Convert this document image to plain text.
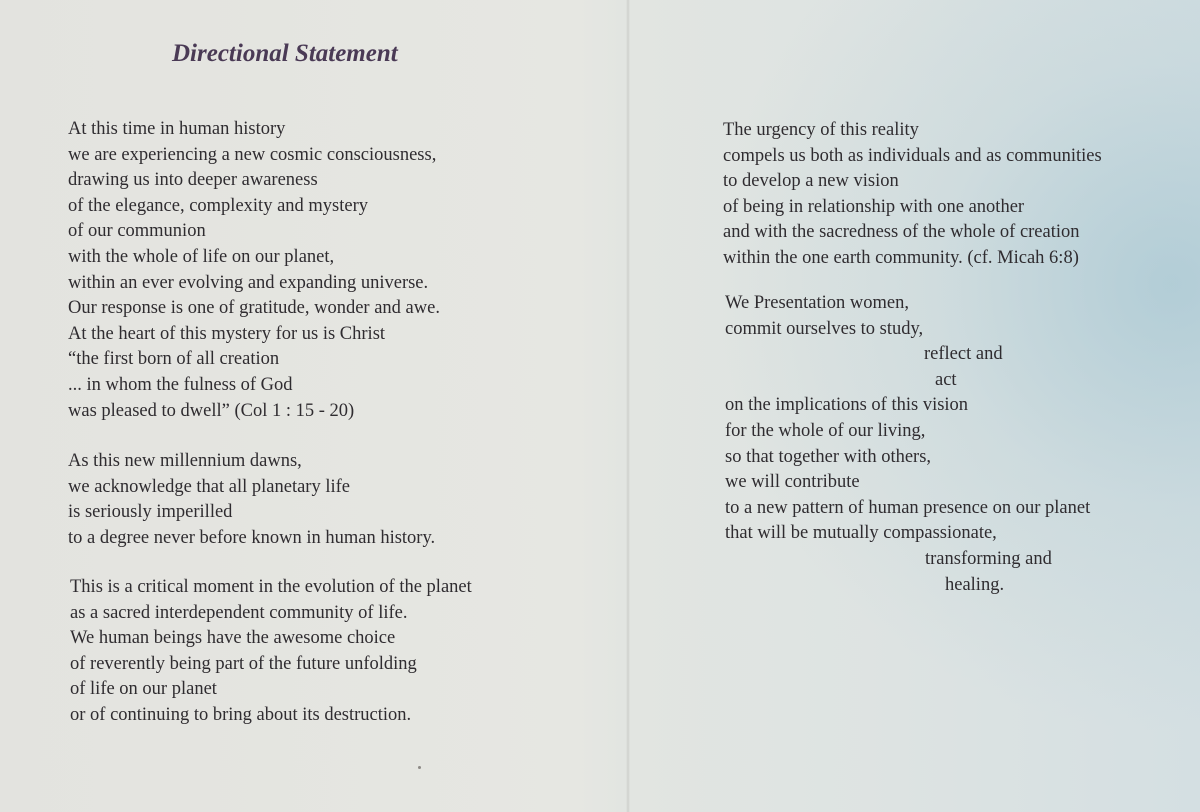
Directional Statement
At this time in human history
we are experiencing a new cosmic consciousness,
drawing us into deeper awareness
of the elegance, complexity and mystery
of our communion
with the whole of life on our planet,
within an ever evolving and expanding universe.
Our response is one of gratitude, wonder and awe.
At the heart of this mystery for us is Christ
“the first born of all creation
... in whom the fulness of God
was pleased to dwell” (Col 1 : 15 - 20)
As this new millennium dawns,
we acknowledge that all planetary life
is seriously imperilled
to a degree never before known in human history.
This is a critical moment in the evolution of the planet
as a sacred interdependent community of life.
We human beings have the awesome choice
of reverently being part of the future unfolding
of life on our planet
or of continuing to bring about its destruction.
The urgency of this reality
compels us both as individuals and as communities
to develop a new vision
of being in relationship with one another
and with the sacredness of the whole of creation
within the one earth community. (cf. Micah 6:8)
We Presentation women,
commit ourselves to study,
reflect and
act
on the implications of this vision
for the whole of our living,
so that together with others,
we will contribute
to a new pattern of human presence on our planet
that will be mutually compassionate,
transforming and
healing.
